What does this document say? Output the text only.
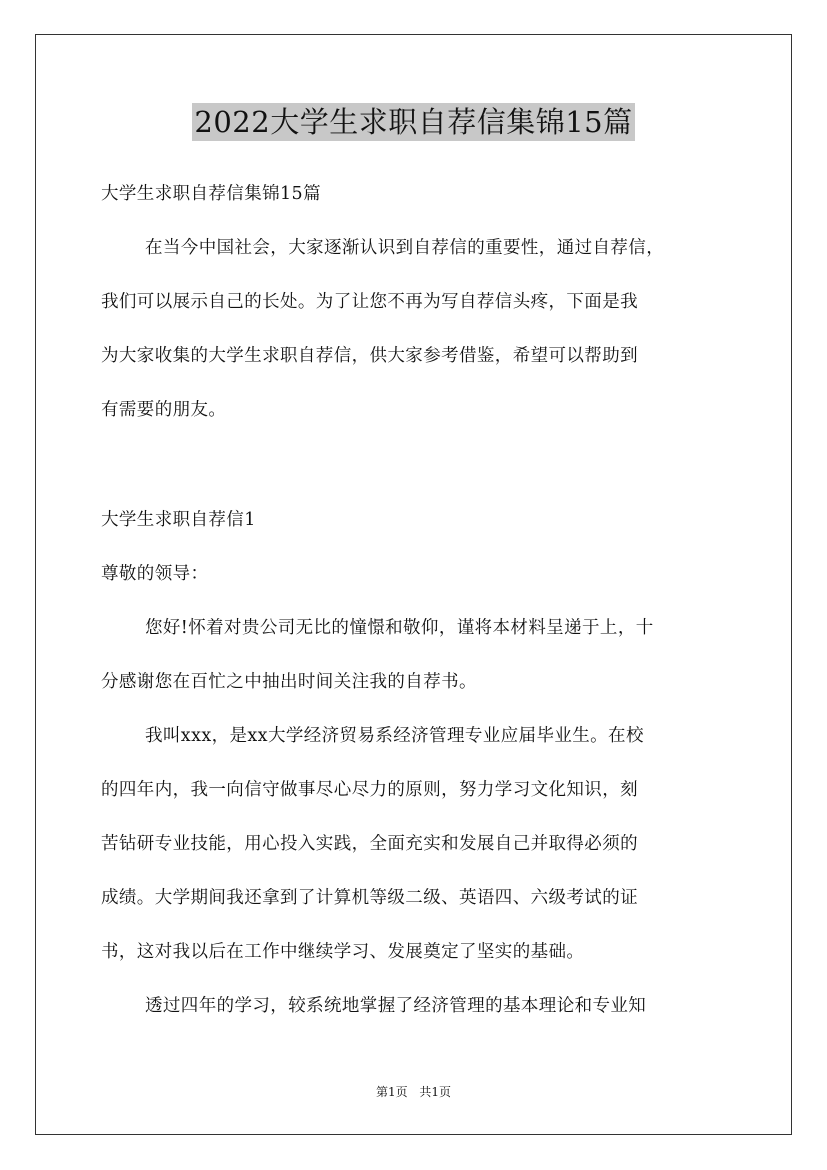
2022大学生求职自荐信集锦15篇
大学生求职自荐信集锦15篇
在当今中国社会，大家逐渐认识到自荐信的重要性，通过自荐信，
我们可以展示自己的长处。为了让您不再为写自荐信头疼，下面是我
为大家收集的大学生求职自荐信，供大家参考借鉴，希望可以帮助到
有需要的朋友。
大学生求职自荐信1
尊敬的领导：
您好!怀着对贵公司无比的憧憬和敬仰，谨将本材料呈递于上，十
分感谢您在百忙之中抽出时间关注我的自荐书。
我叫xxx，是xx大学经济贸易系经济管理专业应届毕业生。在校
的四年内，我一向信守做事尽心尽力的原则，努力学习文化知识，刻
苦钻研专业技能，用心投入实践，全面充实和发展自己并取得必须的
成绩。大学期间我还拿到了计算机等级二级、英语四、六级考试的证
书，这对我以后在工作中继续学习、发展奠定了坚实的基础。
透过四年的学习，较系统地掌握了经济管理的基本理论和专业知
第1页 共1页
